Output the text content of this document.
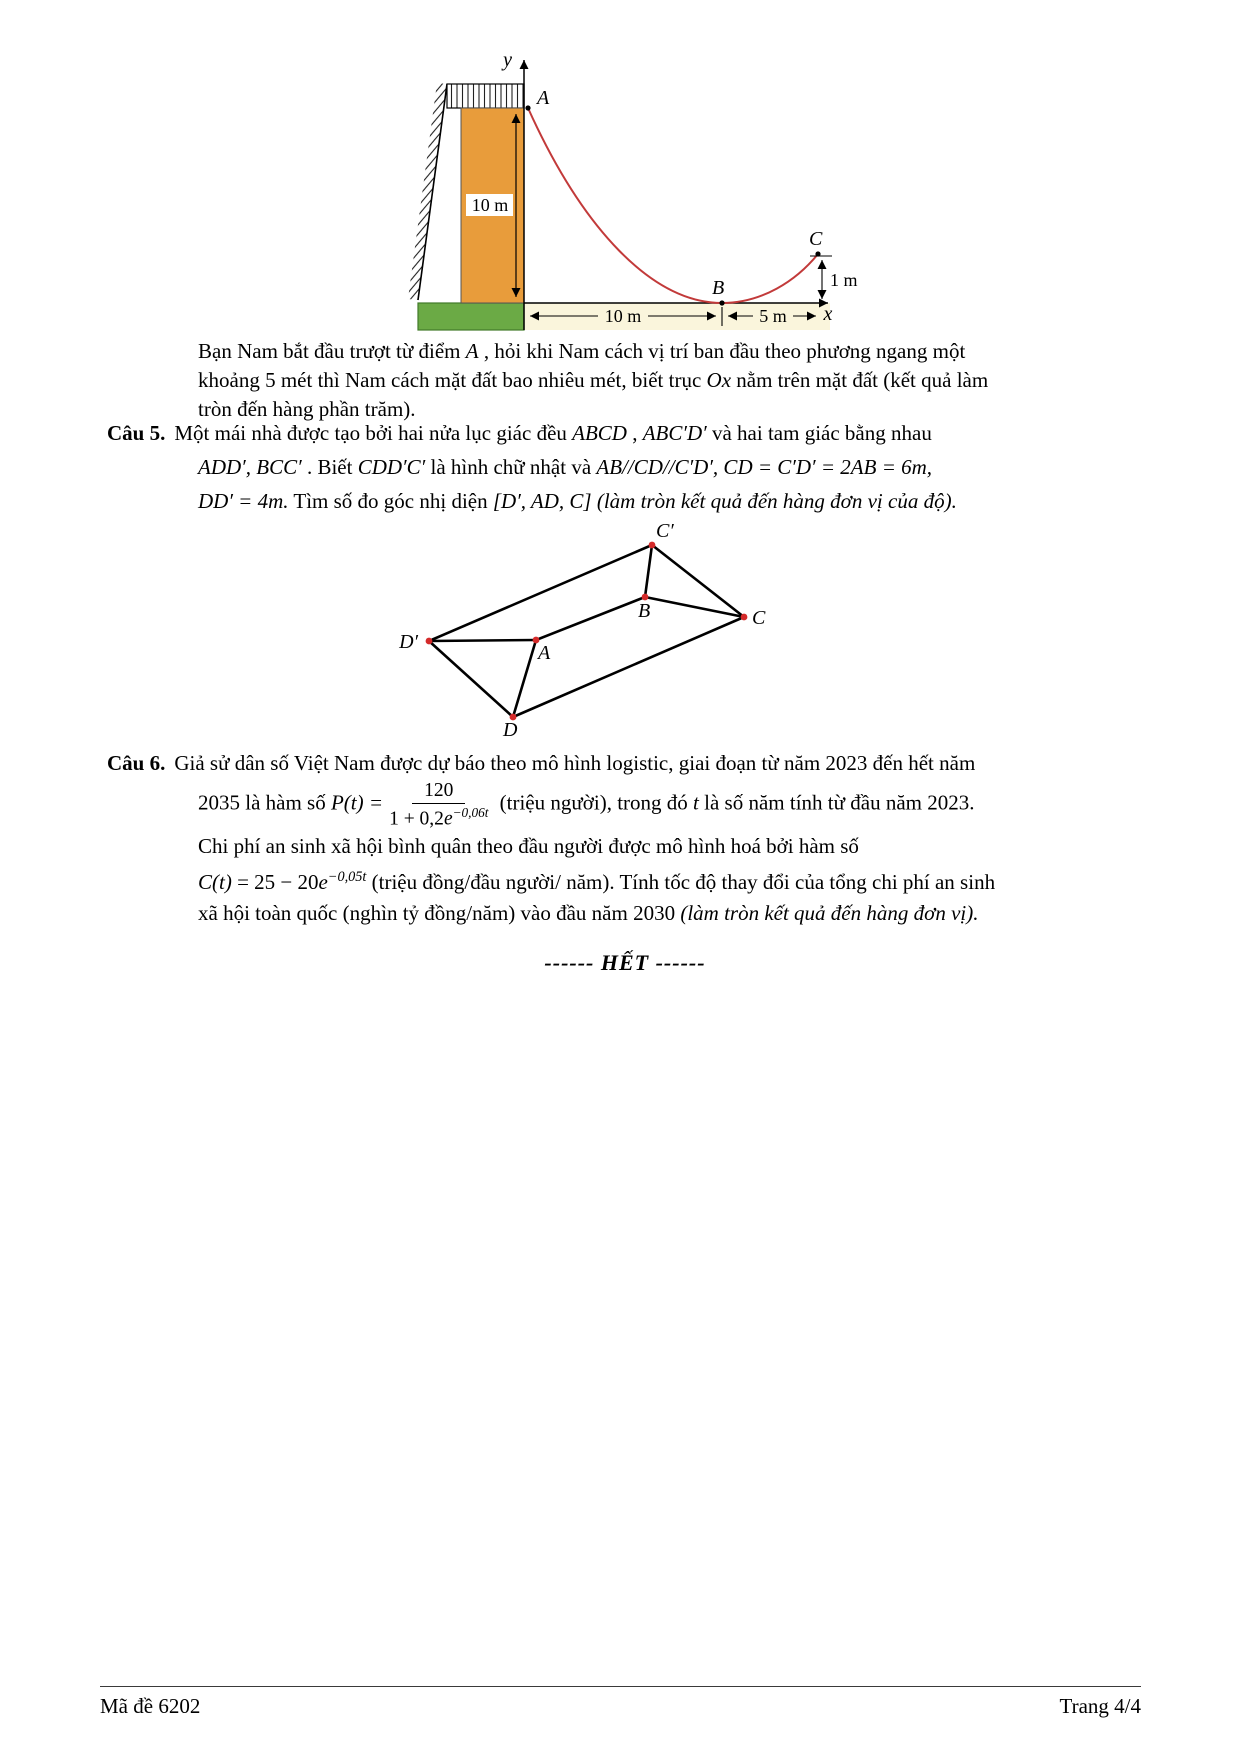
10 m
y
x
A
B
C
1 m
10 m	5 m
Bạn Nam bắt đầu trượt từ điểm A , hỏi khi Nam cách vị trí ban đầu theo phương ngang một
khoảng 5 mét thì Nam cách mặt đất bao nhiêu mét, biết trục Ox nằm trên mặt đất (kết quả làm
tròn đến hàng phần trăm).
Câu 5. Một mái nhà được tạo bởi hai nửa lục giác đều ABCD , ABC′D′ và hai tam giác bằng nhau
ADD′, BCC′ . Biết CDD′C′ là hình chữ nhật và AB//CD//C′D′, CD = C′D′ = 2AB = 6m,
DD′ = 4m. Tìm số đo góc nhị diện [D′, AD, C] (làm tròn kết quả đến hàng đơn vị của độ).
C′
B	C
D′	A
D
Câu 6. Giả sử dân số Việt Nam được dự báo theo mô hình logistic, giai đoạn từ năm 2023 đến hết năm
2035 là hàm số $P(t) = \frac{120}{1 + 0,2e^{-0,06t}}$ (triệu người), trong đó t là số năm tính từ đầu năm 2023.
Chi phí an sinh xã hội bình quân theo đầu người được mô hình hoá bởi hàm số
$C(t) = 25 - 20e^{-0,05t}$ (triệu đồng/đầu người/ năm). Tính tốc độ thay đổi của tổng chi phí an sinh
xã hội toàn quốc (nghìn tỷ đồng/năm) vào đầu năm 2030 (làm tròn kết quả đến hàng đơn vị).
------ HẾT ------
Mã đề 6202	Trang 4/4
